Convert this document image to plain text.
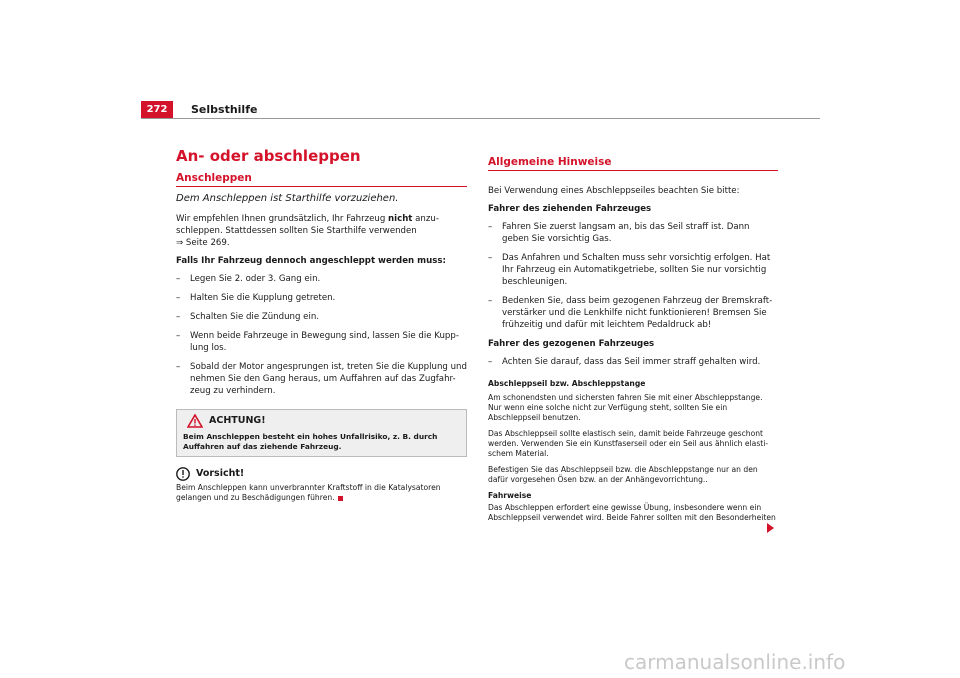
272	Selbsthilfe
An- oder abschleppen
Anschleppen

Dem Anschleppen ist Starthilfe vorzuziehen.

Wir empfehlen Ihnen grundsätzlich, Ihr Fahrzeug nicht anzu-schleppen. Stattdessen sollten Sie Starthilfe verwenden
⇒ Seite 269.

Falls Ihr Fahrzeug dennoch angeschleppt werden muss:

– Legen Sie 2. oder 3. Gang ein.
– Halten Sie die Kupplung getreten.
– Schalten Sie die Zündung ein.
– Wenn beide Fahrzeuge in Bewegung sind, lassen Sie die Kupp-lung los.
– Sobald der Motor angesprungen ist, treten Sie die Kupplung und nehmen Sie den Gang heraus, um Auffahren auf das Zugfahr-zeug zu verhindern.
ACHTUNG!
Beim Anschleppen besteht ein hohes Unfallrisiko, z. B. durch Auffahren auf das ziehende Fahrzeug.
Vorsicht!
Beim Anschleppen kann unverbrannter Kraftstoff in die Katalysatoren gelangen und zu Beschädigungen führen.
Allgemeine Hinweise

Bei Verwendung eines Abschleppseiles beachten Sie bitte:

Fahrer des ziehenden Fahrzeuges

– Fahren Sie zuerst langsam an, bis das Seil straff ist. Dann geben Sie vorsichtig Gas.
– Das Anfahren und Schalten muss sehr vorsichtig erfolgen. Hat Ihr Fahrzeug ein Automatikgetriebe, sollten Sie nur vorsichtig beschleunigen.
– Bedenken Sie, dass beim gezogenen Fahrzeug der Bremskraft-verstärker und die Lenkhilfe nicht funktionieren! Bremsen Sie frühzeitig und dafür mit leichtem Pedaldruck ab!

Fahrer des gezogenen Fahrzeuges

– Achten Sie darauf, dass das Seil immer straff gehalten wird.
Abschleppseil bzw. Abschleppstange

Am schonendsten und sichersten fahren Sie mit einer Abschleppstange. Nur wenn eine solche nicht zur Verfügung steht, sollten Sie ein Abschleppseil benutzen.

Das Abschleppseil sollte elastisch sein, damit beide Fahrzeuge geschont werden. Verwenden Sie ein Kunstfaserseil oder ein Seil aus ähnlich elasti-schem Material.

Befestigen Sie das Abschleppseil bzw. die Abschleppstange nur an den dafür vorgesehen Ösen bzw. an der Anhängevorrichtung..

Fahrweise

Das Abschleppen erfordert eine gewisse Übung, insbesondere wenn ein Abschleppseil verwendet wird. Beide Fahrer sollten mit den Besonderheiten

carmanualsonline.info
